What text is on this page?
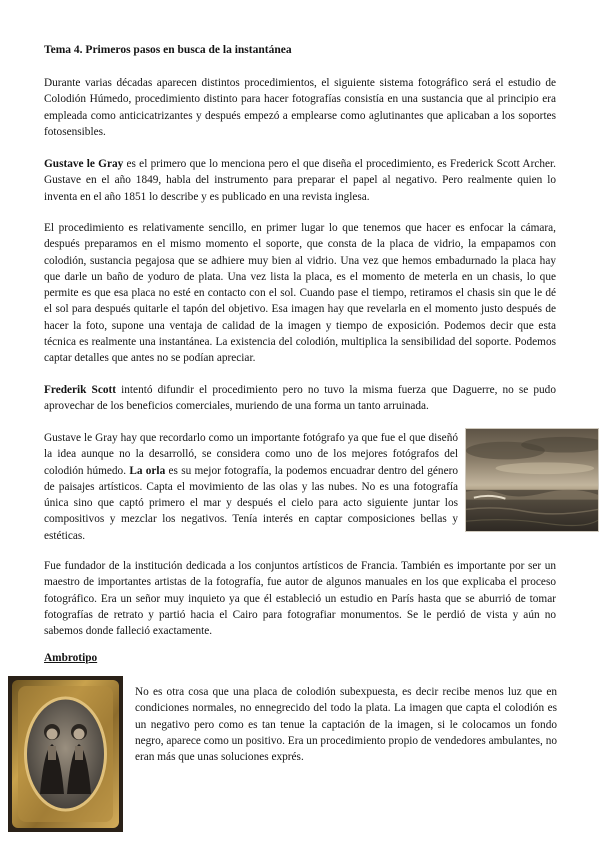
Tema 4. Primeros pasos en busca de la instantánea

Durante varias décadas aparecen distintos procedimientos, el siguiente sistema fotográfico será el estudio de Colodión Húmedo, procedimiento distinto para hacer fotografías consistía en una sustancia que al principio era empleada como anticicatrizantes y después empezó a emplearse como aglutinantes que aplicaban a los soportes fotosensibles.

Gustave le Gray es el primero que lo menciona pero el que diseña el procedimiento, es Frederick Scott Archer. Gustave en el año 1849, habla del instrumento para preparar el papel al negativo. Pero realmente quien lo inventa en el año 1851 lo describe y es publicado en una revista inglesa.

El procedimiento es relativamente sencillo, en primer lugar lo que tenemos que hacer es enfocar la cámara, después preparamos en el mismo momento el soporte, que consta de la placa de vidrio, la empapamos con colodión, sustancia pegajosa que se adhiere muy bien al vidrio. Una vez que hemos embadurnado la placa hay que darle un baño de yoduro de plata. Una vez lista la placa, es el momento de meterla en un chasis, lo que permite es que esa placa no esté en contacto con el sol. Cuando pase el tiempo, retiramos el chasis sin que le dé el sol para después quitarle el tapón del objetivo. Esa imagen hay que revelarla en el momento justo después de hacer la foto, supone una ventaja de calidad de la imagen y tiempo de exposición. Podemos decir que esta técnica es realmente una instantánea. La existencia del colodión, multiplica la sensibilidad del soporte. Podemos captar detalles que antes no se podían apreciar.

Frederik Scott intentó difundir el procedimiento pero no tuvo la misma fuerza que Daguerre, no se pudo aprovechar de los beneficios comerciales, muriendo de una forma un tanto arruinada.

Gustave le Gray hay que recordarlo como un importante fotógrafo ya que fue el que diseñó la idea aunque no la desarrolló, se considera como uno de los mejores fotógrafos del colodión húmedo. La orla es su mejor fotografía, la podemos encuadrar dentro del género de paisajes artísticos. Capta el movimiento de las olas y las nubes. No es una fotografía única sino que captó primero el mar y después el cielo para acto siguiente juntar los compositivos y mezclar los negativos. Tenía interés en captar composiciones bellas y estéticas.

Fue fundador de la institución dedicada a los conjuntos artísticos de Francia. También es importante por ser un maestro de importantes artistas de la fotografía, fue autor de algunos manuales en los que explicaba el proceso fotográfico. Era un señor muy inquieto ya que él estableció un estudio en París hasta que se aburrió de tomar fotografías de retrato y partió hacia el Cairo para fotografiar monumentos. Se le perdió de vista y aún no sabemos donde falleció exactamente.

Ambrotipo

No es otra cosa que una placa de colodión subexpuesta, es decir recibe menos luz que en condiciones normales, no ennegrecido del todo la plata. La imagen que capta el colodión es un negativo pero como es tan tenue la captación de la imagen, si le colocamos un fondo negro, aparece como un positivo. Era un procedimiento propio de vendedores ambulantes, no eran más que unas soluciones exprés.
